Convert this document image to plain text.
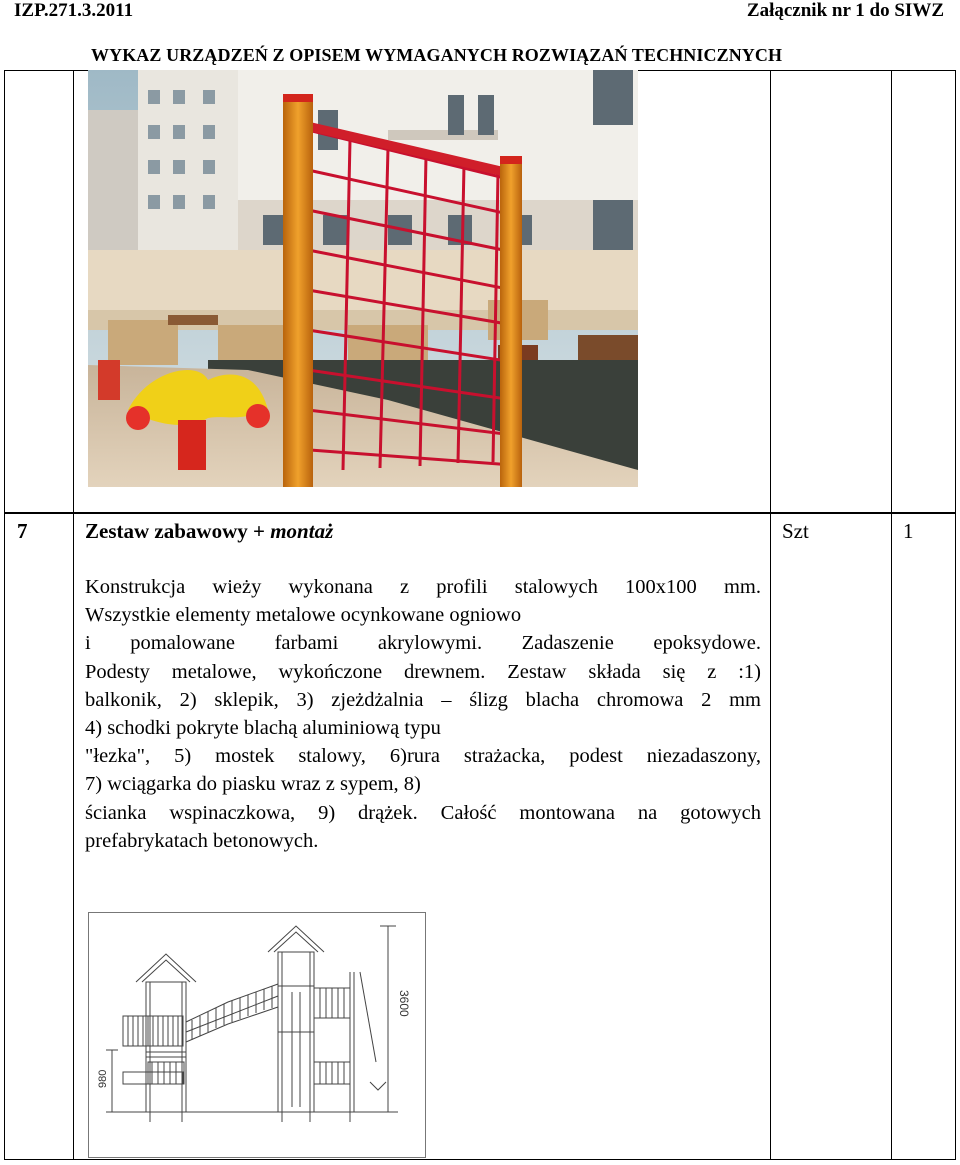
IZP.271.3.2011	Załącznik nr 1 do SIWZ
WYKAZ URZĄDZEŃ Z OPISEM WYMAGANYCH ROZWIĄZAŃ TECHNICZNYCH
7	Zestaw zabawowy + montaż	Szt	1
Konstrukcja wieży wykonana z profili stalowych 100x100 mm.
Wszystkie elementy metalowe ocynkowane ogniowo
i pomalowane farbami akrylowymi. Zadaszenie epoksydowe.
Podesty metalowe, wykończone drewnem. Zestaw składa się z :1)
balkonik, 2) sklepik, 3) zjeżdżalnia – ślizg blacha chromowa 2 mm
4) schodki pokryte blachą aluminiową typu
"łezka", 5) mostek stalowy, 6)rura strażacka, podest niezadaszony,
7) wciągarka do piasku wraz z sypem, 8)
ścianka wspinaczkowa, 9) drążek. Całość montowana na gotowych
prefabrykatach betonowych.
3600
980
